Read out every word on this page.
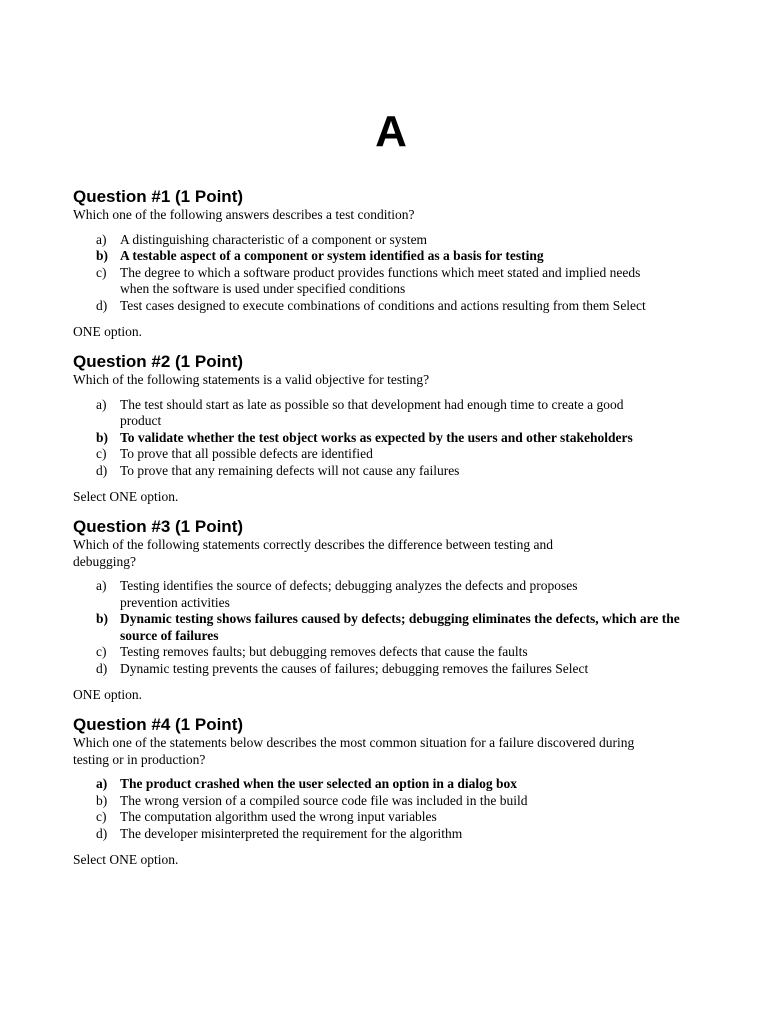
A
Question #1 (1 Point)
Which one of the following answers describes a test condition?
a) A distinguishing characteristic of a component or system
b) A testable aspect of a component or system identified as a basis for testing
c) The degree to which a software product provides functions which meet stated and implied needs when the software is used under specified conditions
d) Test cases designed to execute combinations of conditions and actions resulting from them Select
ONE option.
Question #2 (1 Point)
Which of the following statements is a valid objective for testing?
a) The test should start as late as possible so that development had enough time to create a good product
b) To validate whether the test object works as expected by the users and other stakeholders
c) To prove that all possible defects are identified
d) To prove that any remaining defects will not cause any failures
Select ONE option.
Question #3 (1 Point)
Which of the following statements correctly describes the difference between testing and debugging?
a) Testing identifies the source of defects; debugging analyzes the defects and proposes prevention activities
b) Dynamic testing shows failures caused by defects; debugging eliminates the defects, which are the source of failures
c) Testing removes faults; but debugging removes defects that cause the faults
d) Dynamic testing prevents the causes of failures; debugging removes the failures Select
ONE option.
Question #4 (1 Point)
Which one of the statements below describes the most common situation for a failure discovered during testing or in production?
a) The product crashed when the user selected an option in a dialog box
b) The wrong version of a compiled source code file was included in the build
c) The computation algorithm used the wrong input variables
d) The developer misinterpreted the requirement for the algorithm
Select ONE option.
